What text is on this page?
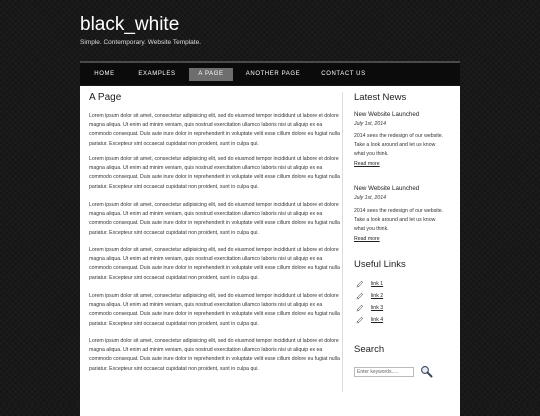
black_white
Simple. Contemporary. Website Template.
HOME	EXAMPLES	A PAGE	ANOTHER PAGE	CONTACT US
A Page

Lorem ipsum dolor sit amet, consectetur adipisicing elit, sed do eiusmod tempor incididunt ut labore et dolore magna aliqua. Ut enim ad minim veniam, quis nostrud exercitation ullamco laboris nisi ut aliquip ex ea commodo consequat. Duis aute irure dolor in reprehenderit in voluptate velit esse cillum dolore eu fugiat nulla pariatur. Excepteur sint occaecat cupidatat non proident, sunt in culpa qui.

Lorem ipsum dolor sit amet, consectetur adipisicing elit, sed do eiusmod tempor incididunt ut labore et dolore magna aliqua. Ut enim ad minim veniam, quis nostrud exercitation ullamco laboris nisi ut aliquip ex ea commodo consequat. Duis aute irure dolor in reprehenderit in voluptate velit esse cillum dolore eu fugiat nulla pariatur. Excepteur sint occaecat cupidatat non proident, sunt in culpa qui.

Lorem ipsum dolor sit amet, consectetur adipisicing elit, sed do eiusmod tempor incididunt ut labore et dolore magna aliqua. Ut enim ad minim veniam, quis nostrud exercitation ullamco laboris nisi ut aliquip ex ea commodo consequat. Duis aute irure dolor in reprehenderit in voluptate velit esse cillum dolore eu fugiat nulla pariatur. Excepteur sint occaecat cupidatat non proident, sunt in culpa qui.

Lorem ipsum dolor sit amet, consectetur adipisicing elit, sed do eiusmod tempor incididunt ut labore et dolore magna aliqua. Ut enim ad minim veniam, quis nostrud exercitation ullamco laboris nisi ut aliquip ex ea commodo consequat. Duis aute irure dolor in reprehenderit in voluptate velit esse cillum dolore eu fugiat nulla pariatur. Excepteur sint occaecat cupidatat non proident, sunt in culpa qui.

Lorem ipsum dolor sit amet, consectetur adipisicing elit, sed do eiusmod tempor incididunt ut labore et dolore magna aliqua. Ut enim ad minim veniam, quis nostrud exercitation ullamco laboris nisi ut aliquip ex ea commodo consequat. Duis aute irure dolor in reprehenderit in voluptate velit esse cillum dolore eu fugiat nulla pariatur. Excepteur sint occaecat cupidatat non proident, sunt in culpa qui.

Lorem ipsum dolor sit amet, consectetur adipisicing elit, sed do eiusmod tempor incididunt ut labore et dolore magna aliqua. Ut enim ad minim veniam, quis nostrud exercitation ullamco laboris nisi ut aliquip ex ea commodo consequat. Duis aute irure dolor in reprehenderit in voluptate velit esse cillum dolore eu fugiat nulla pariatur. Excepteur sint occaecat cupidatat non proident, sunt in culpa qui.

Latest News
New Website Launched
July 1st, 2014
2014 sees the redesign of our website. Take a look around and let us know what you think.
Read more
New Website Launched
July 1st, 2014
2014 sees the redesign of our website. Take a look around and let us know what you think.
Read more
Useful Links
link 1
link 2
link 3
link 4
Search
Enter keywords.....
